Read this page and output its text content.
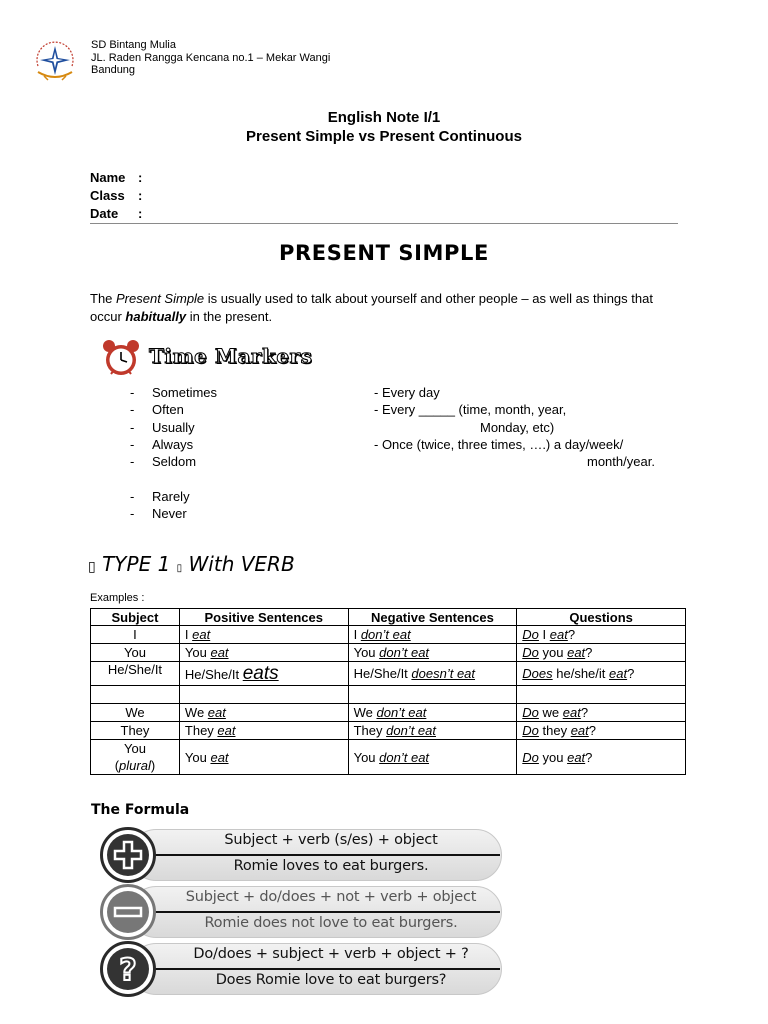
SD Bintang Mulia
JL. Raden Rangga Kencana no.1 – Mekar Wangi
Bandung
English Note I/1
Present Simple vs Present Continuous
Name :
Class :
Date :
PRESENT SIMPLE
The Present Simple is usually used to talk about yourself and other people – as well as things that occur habitually in the present.
Time Markers
- Sometimes
- Often
- Usually
- Always
- Seldom
- Rarely
- Never
- Every day
- Every _____ (time, month, year,
Monday, etc)
- Once (twice, three times, ….) a day/week/
month/year.
▯ TYPE 1 ▯ With VERB
Examples :
Subject	Positive Sentences	Negative Sentences	Questions
I	I eat	I don’t eat	Do I eat?
You	You eat	You don’t eat	Do you eat?
He/She/It	He/She/It eats	He/She/It doesn’t eat	Does he/she/it eat?

We	We eat	We don’t eat	Do we eat?
They	They eat	They don’t eat	Do they eat?
You
(plural)	You eat	You don’t eat	Do you eat?
The Formula
Subject + verb (s/es) + object
Romie loves to eat burgers.
Subject + do/does + not + verb + object
Romie does not love to eat burgers.
Do/does + subject + verb + object + ?
Does Romie love to eat burgers?
?
